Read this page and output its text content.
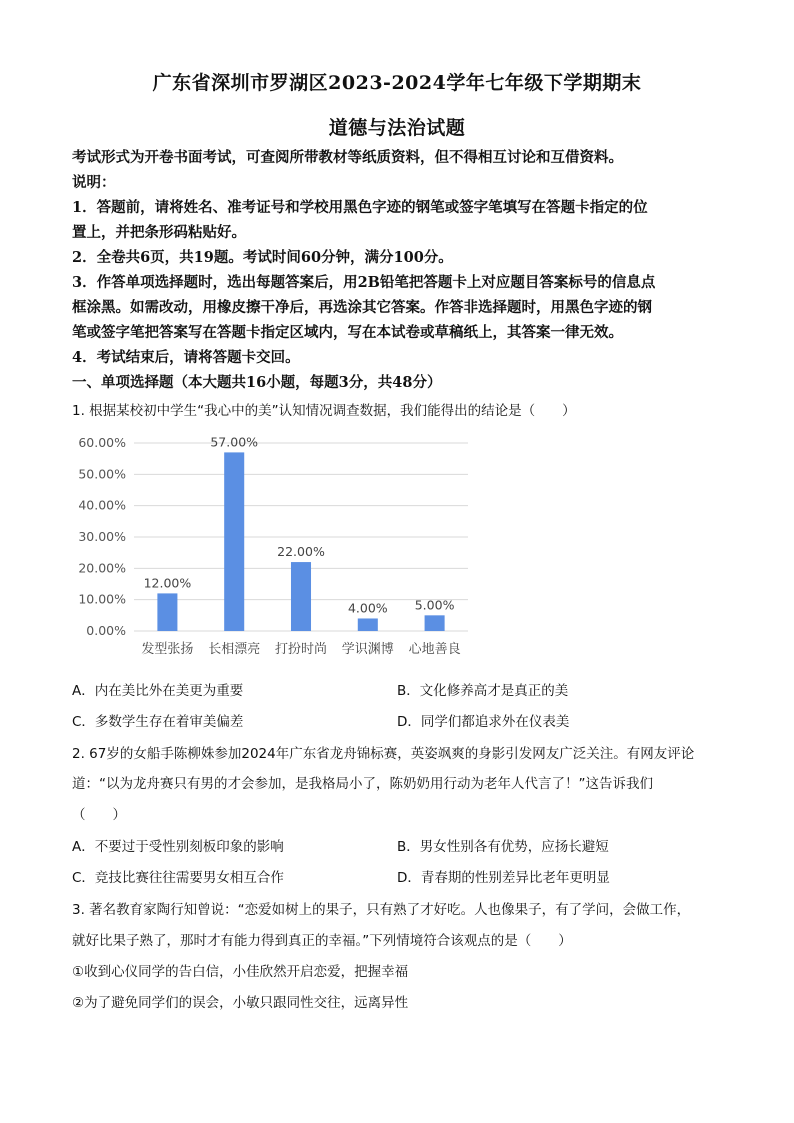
广东省深圳市罗湖区2023-2024学年七年级下学期期末
道德与法治试题
考试形式为开卷书面考试，可查阅所带教材等纸质资料，但不得相互讨论和互借资料。
说明：
1．答题前，请将姓名、准考证号和学校用黑色字迹的钢笔或签字笔填写在答题卡指定的位
置上，并把条形码粘贴好。
2．全卷共6页，共19题。考试时间60分钟，满分100分。
3．作答单项选择题时，选出每题答案后，用2B铅笔把答题卡上对应题目答案标号的信息点
框涂黑。如需改动，用橡皮擦干净后，再选涂其它答案。作答非选择题时，用黑色字迹的钢
笔或签字笔把答案写在答题卡指定区域内，写在本试卷或草稿纸上，其答案一律无效。
4．考试结束后，请将答题卡交回。
一、单项选择题（本大题共16小题，每题3分，共48分）
1. 根据某校初中学生“我心中的美”认知情况调查数据，我们能得出的结论是（　　）
0.00%
10.00%
20.00%
30.00%
40.00%
50.00%
60.00%
12.00%
发型张扬
57.00%
长相漂亮
22.00%
打扮时尚
4.00%
学识渊博
5.00%
心地善良
A．内在美比外在美更为重要	B．文化修养高才是真正的美
C．多数学生存在着审美偏差	D．同学们都追求外在仪表美
2. 67岁的女船手陈柳姝参加2024年广东省龙舟锦标赛，英姿飒爽的身影引发网友广泛关注。有网友评论
道：“以为龙舟赛只有男的才会参加，是我格局小了，陈奶奶用行动为老年人代言了！”这告诉我们
（　　）
A．不要过于受性别刻板印象的影响	B．男女性别各有优势，应扬长避短
C．竞技比赛往往需要男女相互合作	D．青春期的性别差异比老年更明显
3. 著名教育家陶行知曾说：“恋爱如树上的果子，只有熟了才好吃。人也像果子，有了学问，会做工作，
就好比果子熟了，那时才有能力得到真正的幸福。”下列情境符合该观点的是（　　）
①收到心仪同学的告白信，小佳欣然开启恋爱，把握幸福
②为了避免同学们的误会，小敏只跟同性交往，远离异性
